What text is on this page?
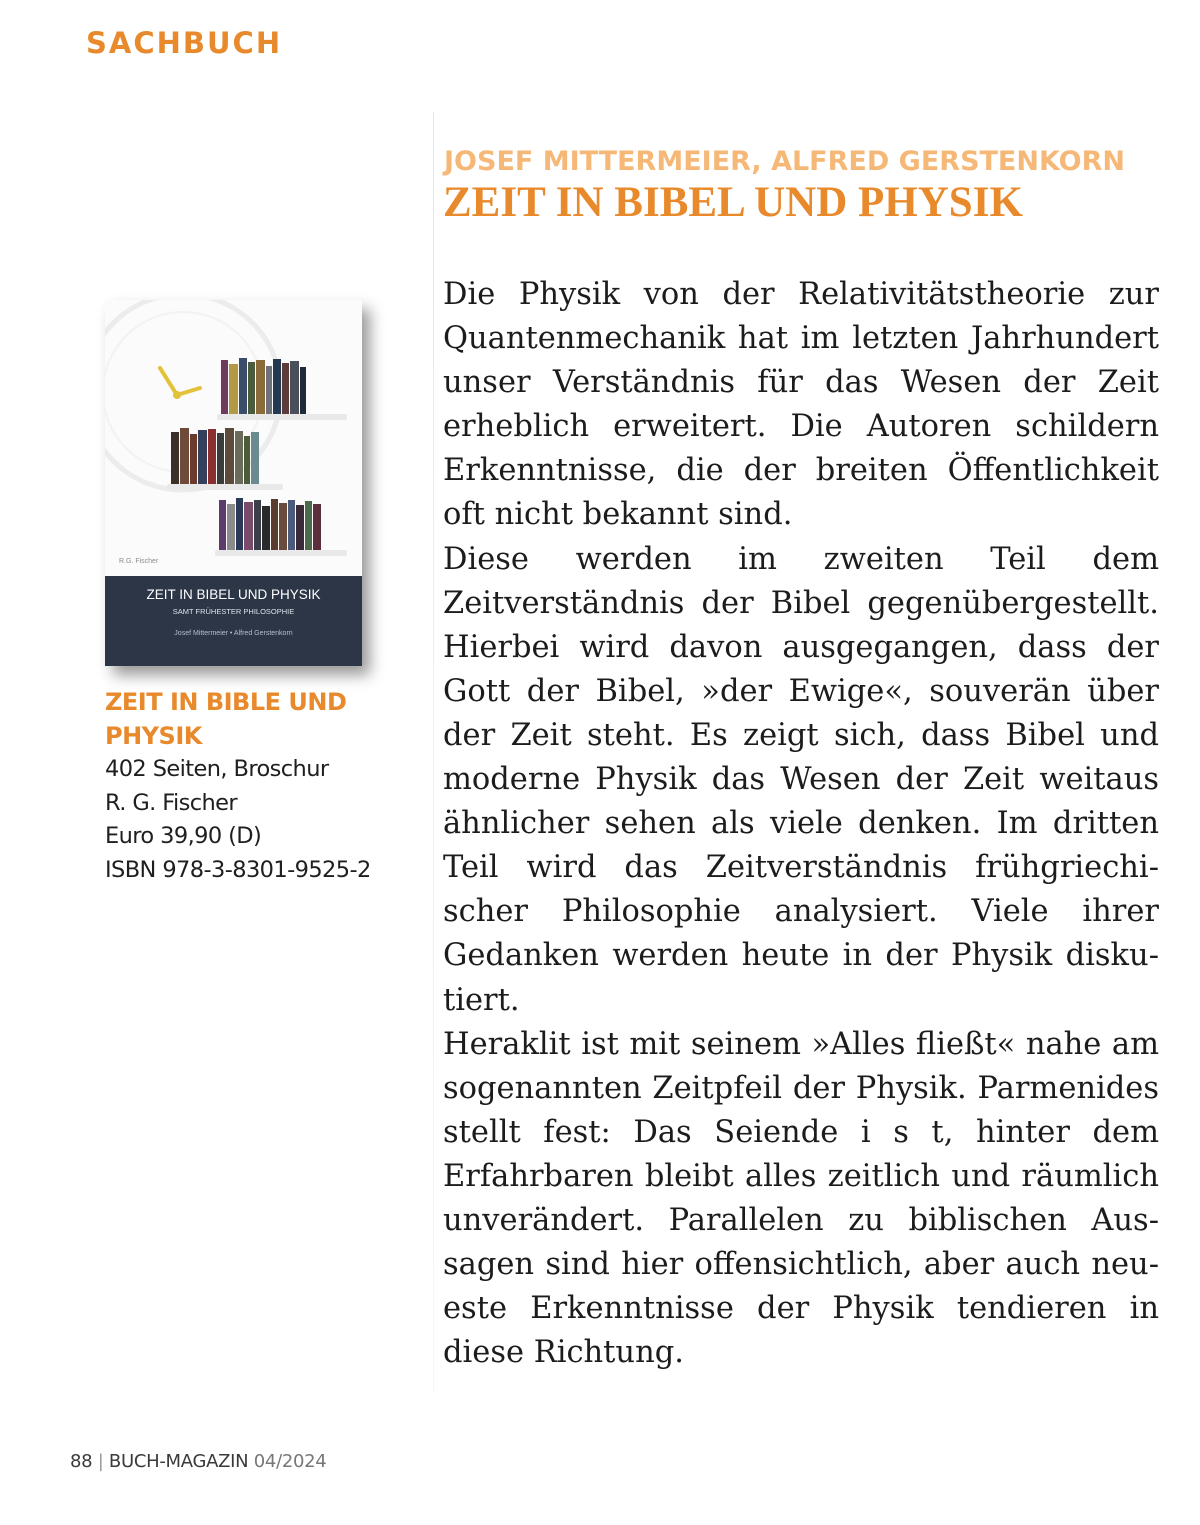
SACHBUCH
R.G. Fischer
ZEIT IN BIBEL UND PHYSIK
SAMT FRÜHESTER PHILOSOPHIE
Josef Mittermeier • Alfred Gerstenkorn
ZEIT IN BIBLE UND PHYSIK
402 Seiten, Broschur
R. G. Fischer
Euro 39,90 (D)
ISBN 978-3-8301-9525-2
JOSEF MITTERMEIER, ALFRED GERSTENKORN
ZEIT IN BIBEL UND PHYSIK

Die Physik von der Relativitätstheorie zur Quantenmechanik hat im letzten Jahrhundert unser Verständnis für das Wesen der Zeit erheblich erweitert. Die Autoren schildern Erkenntnisse, die der breiten Öffentlichkeit oft nicht bekannt sind.

Diese werden im zweiten Teil dem Zeitverständnis der Bibel gegenübergestellt. Hierbei wird davon ausgegangen, dass der Gott der Bibel, »der Ewige«, souverän über der Zeit steht. Es zeigt sich, dass Bibel und moderne Physik das Wesen der Zeit weitaus ähnlicher sehen als viele denken. Im dritten Teil wird das Zeitverständnis frühgriechischer Philosophie analysiert. Viele ihrer Gedanken werden heute in der Physik diskutiert.

Heraklit ist mit seinem »Alles fließt« nahe am sogenannten Zeitpfeil der Physik. Parmenides stellt fest: Das Seiende i s t, hinter dem Erfahrbaren bleibt alles zeitlich und räumlich unverändert. Parallelen zu biblischen Aussagen sind hier offensichtlich, aber auch neueste Erkenntnisse der Physik tendieren in diese Richtung.

88 | BUCH-MAGAZIN 04/2024
